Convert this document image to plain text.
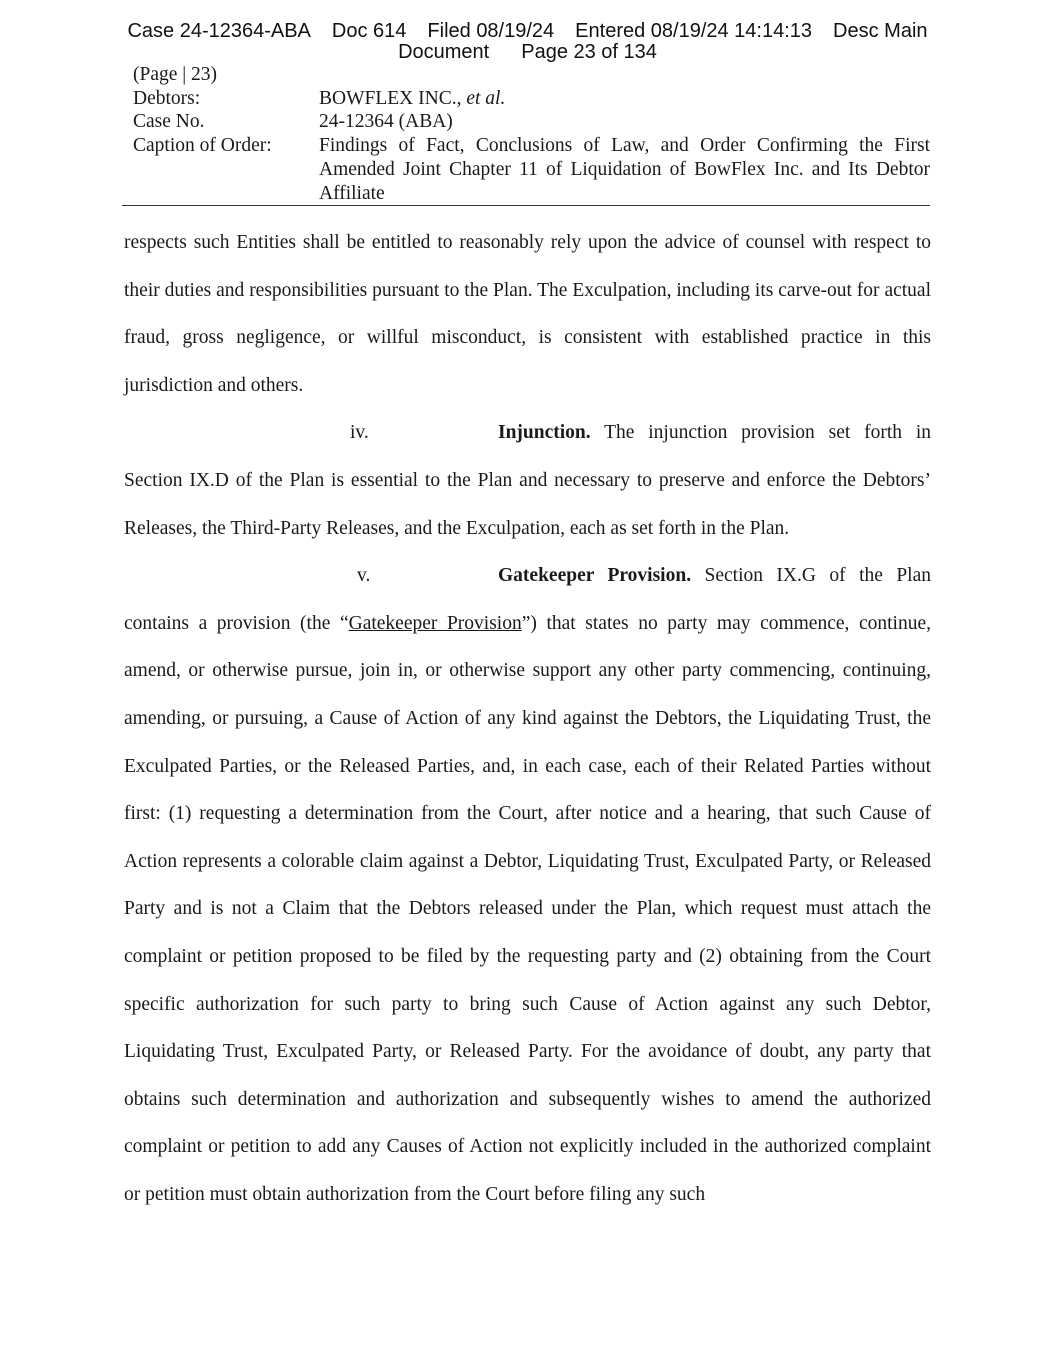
Case 24-12364-ABA Doc 614 Filed 08/19/24 Entered 08/19/24 14:14:13 Desc Main
Document Page 23 of 134
(Page | 23)
Debtors:	BOWFLEX INC., et al.
Case No.	24-12364 (ABA)
Caption of Order:	Findings of Fact, Conclusions of Law, and Order Confirming the First Amended Joint Chapter 11 of Liquidation of BowFlex Inc. and Its Debtor Affiliate

respects such Entities shall be entitled to reasonably rely upon the advice of counsel with respect to their duties and responsibilities pursuant to the Plan. The Exculpation, including its carve-out for actual fraud, gross negligence, or willful misconduct, is consistent with established practice in this jurisdiction and others.

iv.	Injunction. The injunction provision set forth in Section IX.D of the Plan is essential to the Plan and necessary to preserve and enforce the Debtors’ Releases, the Third-Party Releases, and the Exculpation, each as set forth in the Plan.

v.	Gatekeeper Provision. Section IX.G of the Plan contains a provision (the “Gatekeeper Provision”) that states no party may commence, continue, amend, or otherwise pursue, join in, or otherwise support any other party commencing, continuing, amending, or pursuing, a Cause of Action of any kind against the Debtors, the Liquidating Trust, the Exculpated Parties, or the Released Parties, and, in each case, each of their Related Parties without first: (1) requesting a determination from the Court, after notice and a hearing, that such Cause of Action represents a colorable claim against a Debtor, Liquidating Trust, Exculpated Party, or Released Party and is not a Claim that the Debtors released under the Plan, which request must attach the complaint or petition proposed to be filed by the requesting party and (2) obtaining from the Court specific authorization for such party to bring such Cause of Action against any such Debtor, Liquidating Trust, Exculpated Party, or Released Party. For the avoidance of doubt, any party that obtains such determination and authorization and subsequently wishes to amend the authorized complaint or petition to add any Causes of Action not explicitly included in the authorized complaint or petition must obtain authorization from the Court before filing any such
